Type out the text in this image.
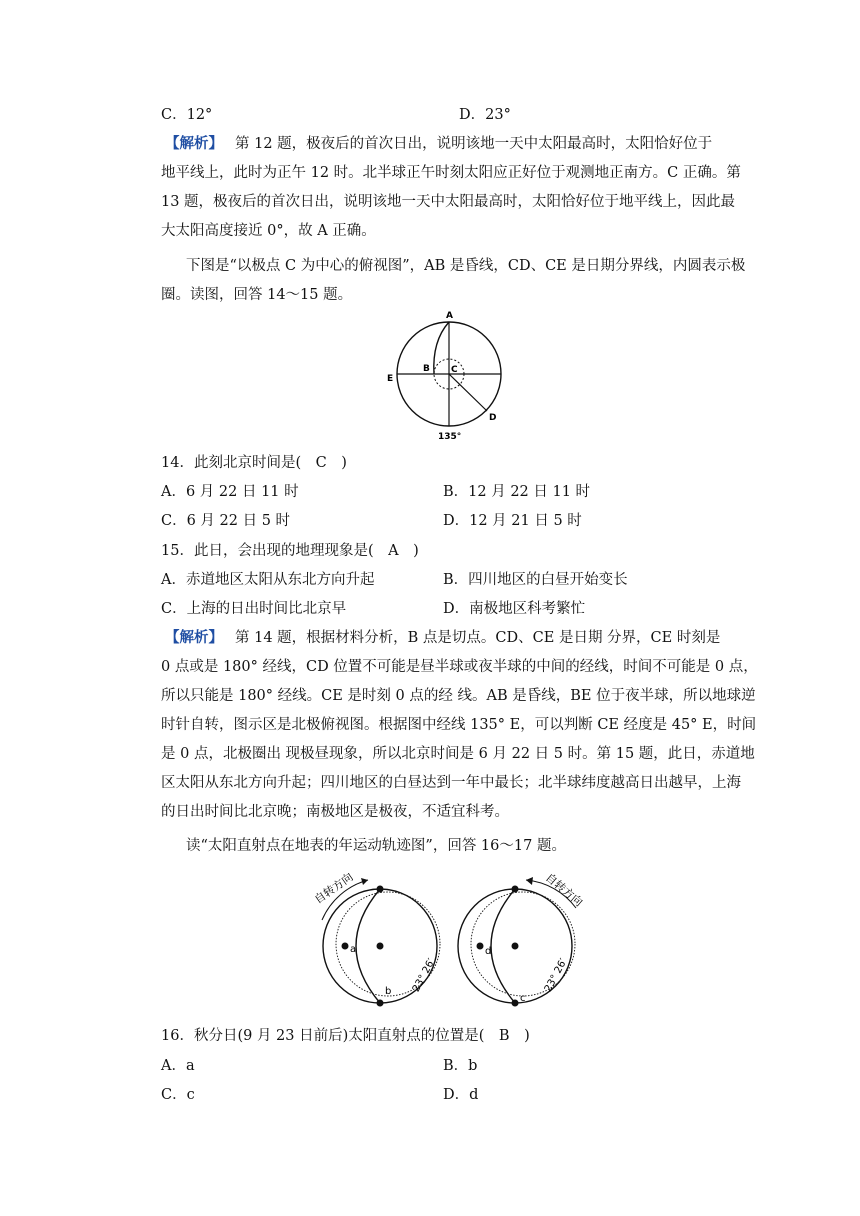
C．12°	D．23°
【解析】 第 12 题，极夜后的首次日出，说明该地一天中太阳最高时，太阳恰好位于
地平线上，此时为正午 12 时。北半球正午时刻太阳应正好位于观测地正南方。C 正确。第
13 题，极夜后的首次日出，说明该地一天中太阳最高时，太阳恰好位于地平线上，因此最
大太阳高度接近 0°，故 A 正确。
下图是“以极点 C 为中心的俯视图”，AB 是昏线，CD、CE 是日期分界线，内圆表示极
圈。读图，回答 14～15 题。
A
B C
D
E
135°
14．此刻北京时间是(　C　)
A．6 月 22 日 11 时	B．12 月 22 日 11 时
C．6 月 22 日 5 时	D．12 月 21 日 5 时
15．此日，会出现的地理现象是(　A　)
A．赤道地区太阳从东北方向升起	B．四川地区的白昼开始变长
C．上海的日出时间比北京早	D．南极地区科考繁忙
【解析】 第 14 题，根据材料分析，B 点是切点。CD、CE 是日期 分界，CE 时刻是
0 点或是 180° 经线，CD 位置不可能是昼半球或夜半球的中间的经线，时间不可能是 0 点，
所以只能是 180° 经线。CE 是时刻 0 点的经 线。AB 是昏线，BE 位于夜半球，所以地球逆
时针自转，图示区是北极俯视图。根据图中经线 135° E，可以判断 CE 经度是 45° E，时间
是 0 点，北极圈出 现极昼现象，所以北京时间是 6 月 22 日 5 时。第 15 题，此日，赤道地
区太阳从东北方向升起；四川地区的白昼达到一年中最长；北半球纬度越高日出越早，上海
的日出时间比北京晚；南极地区是极夜，不适宜科考。
读“太阳直射点在地表的年运动轨迹图”，回答 16～17 题。
自转方向
a
b 23° 26′
自转方向
d
c
23° 26′
16．秋分日(9 月 23 日前后)太阳直射点的位置是(　B　)
A．a	B．b
C．c	D．d
